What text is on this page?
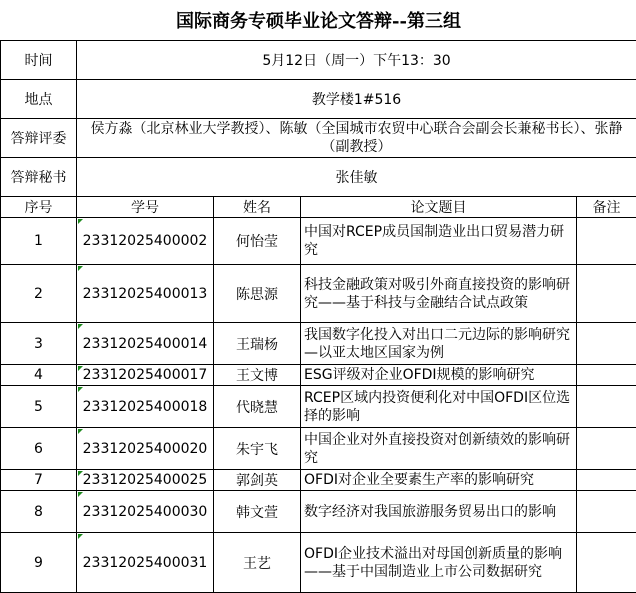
国际商务专硕毕业论文答辩--第三组				
时间	5月12日（周一）下午13：30			
地点	教学楼1#516			
答辩评委	侯方淼（北京林业大学教授）、陈敏（全国城市农贸中心联合会副会长兼秘书长）、张静（副教授）			
答辩秘书	张佳敏			
序号	学号	姓名	论文题目	备注
1	23312025400002	何怡莹	中国对RCEP成员国制造业出口贸易潜力研究	
2	23312025400013	陈思源	科技金融政策对吸引外商直接投资的影响研究——基于科技与金融结合试点政策	
3	23312025400014	王瑞杨	我国数字化投入对出口二元边际的影响研究—以亚太地区国家为例	
4	23312025400017	王文博	ESG评级对企业OFDI规模的影响研究	
5	23312025400018	代晓慧	RCEP区域内投资便利化对中国OFDI区位选择的影响	
6	23312025400020	朱宇飞	中国企业对外直接投资对创新绩效的影响研究	
7	23312025400025	郭剑英	OFDI对企业全要素生产率的影响研究	
8	23312025400030	韩文萱	数字经济对我国旅游服务贸易出口的影响	
9	23312025400031	王艺	OFDI企业技术溢出对母国创新质量的影响 ——基于中国制造业上市公司数据研究	
